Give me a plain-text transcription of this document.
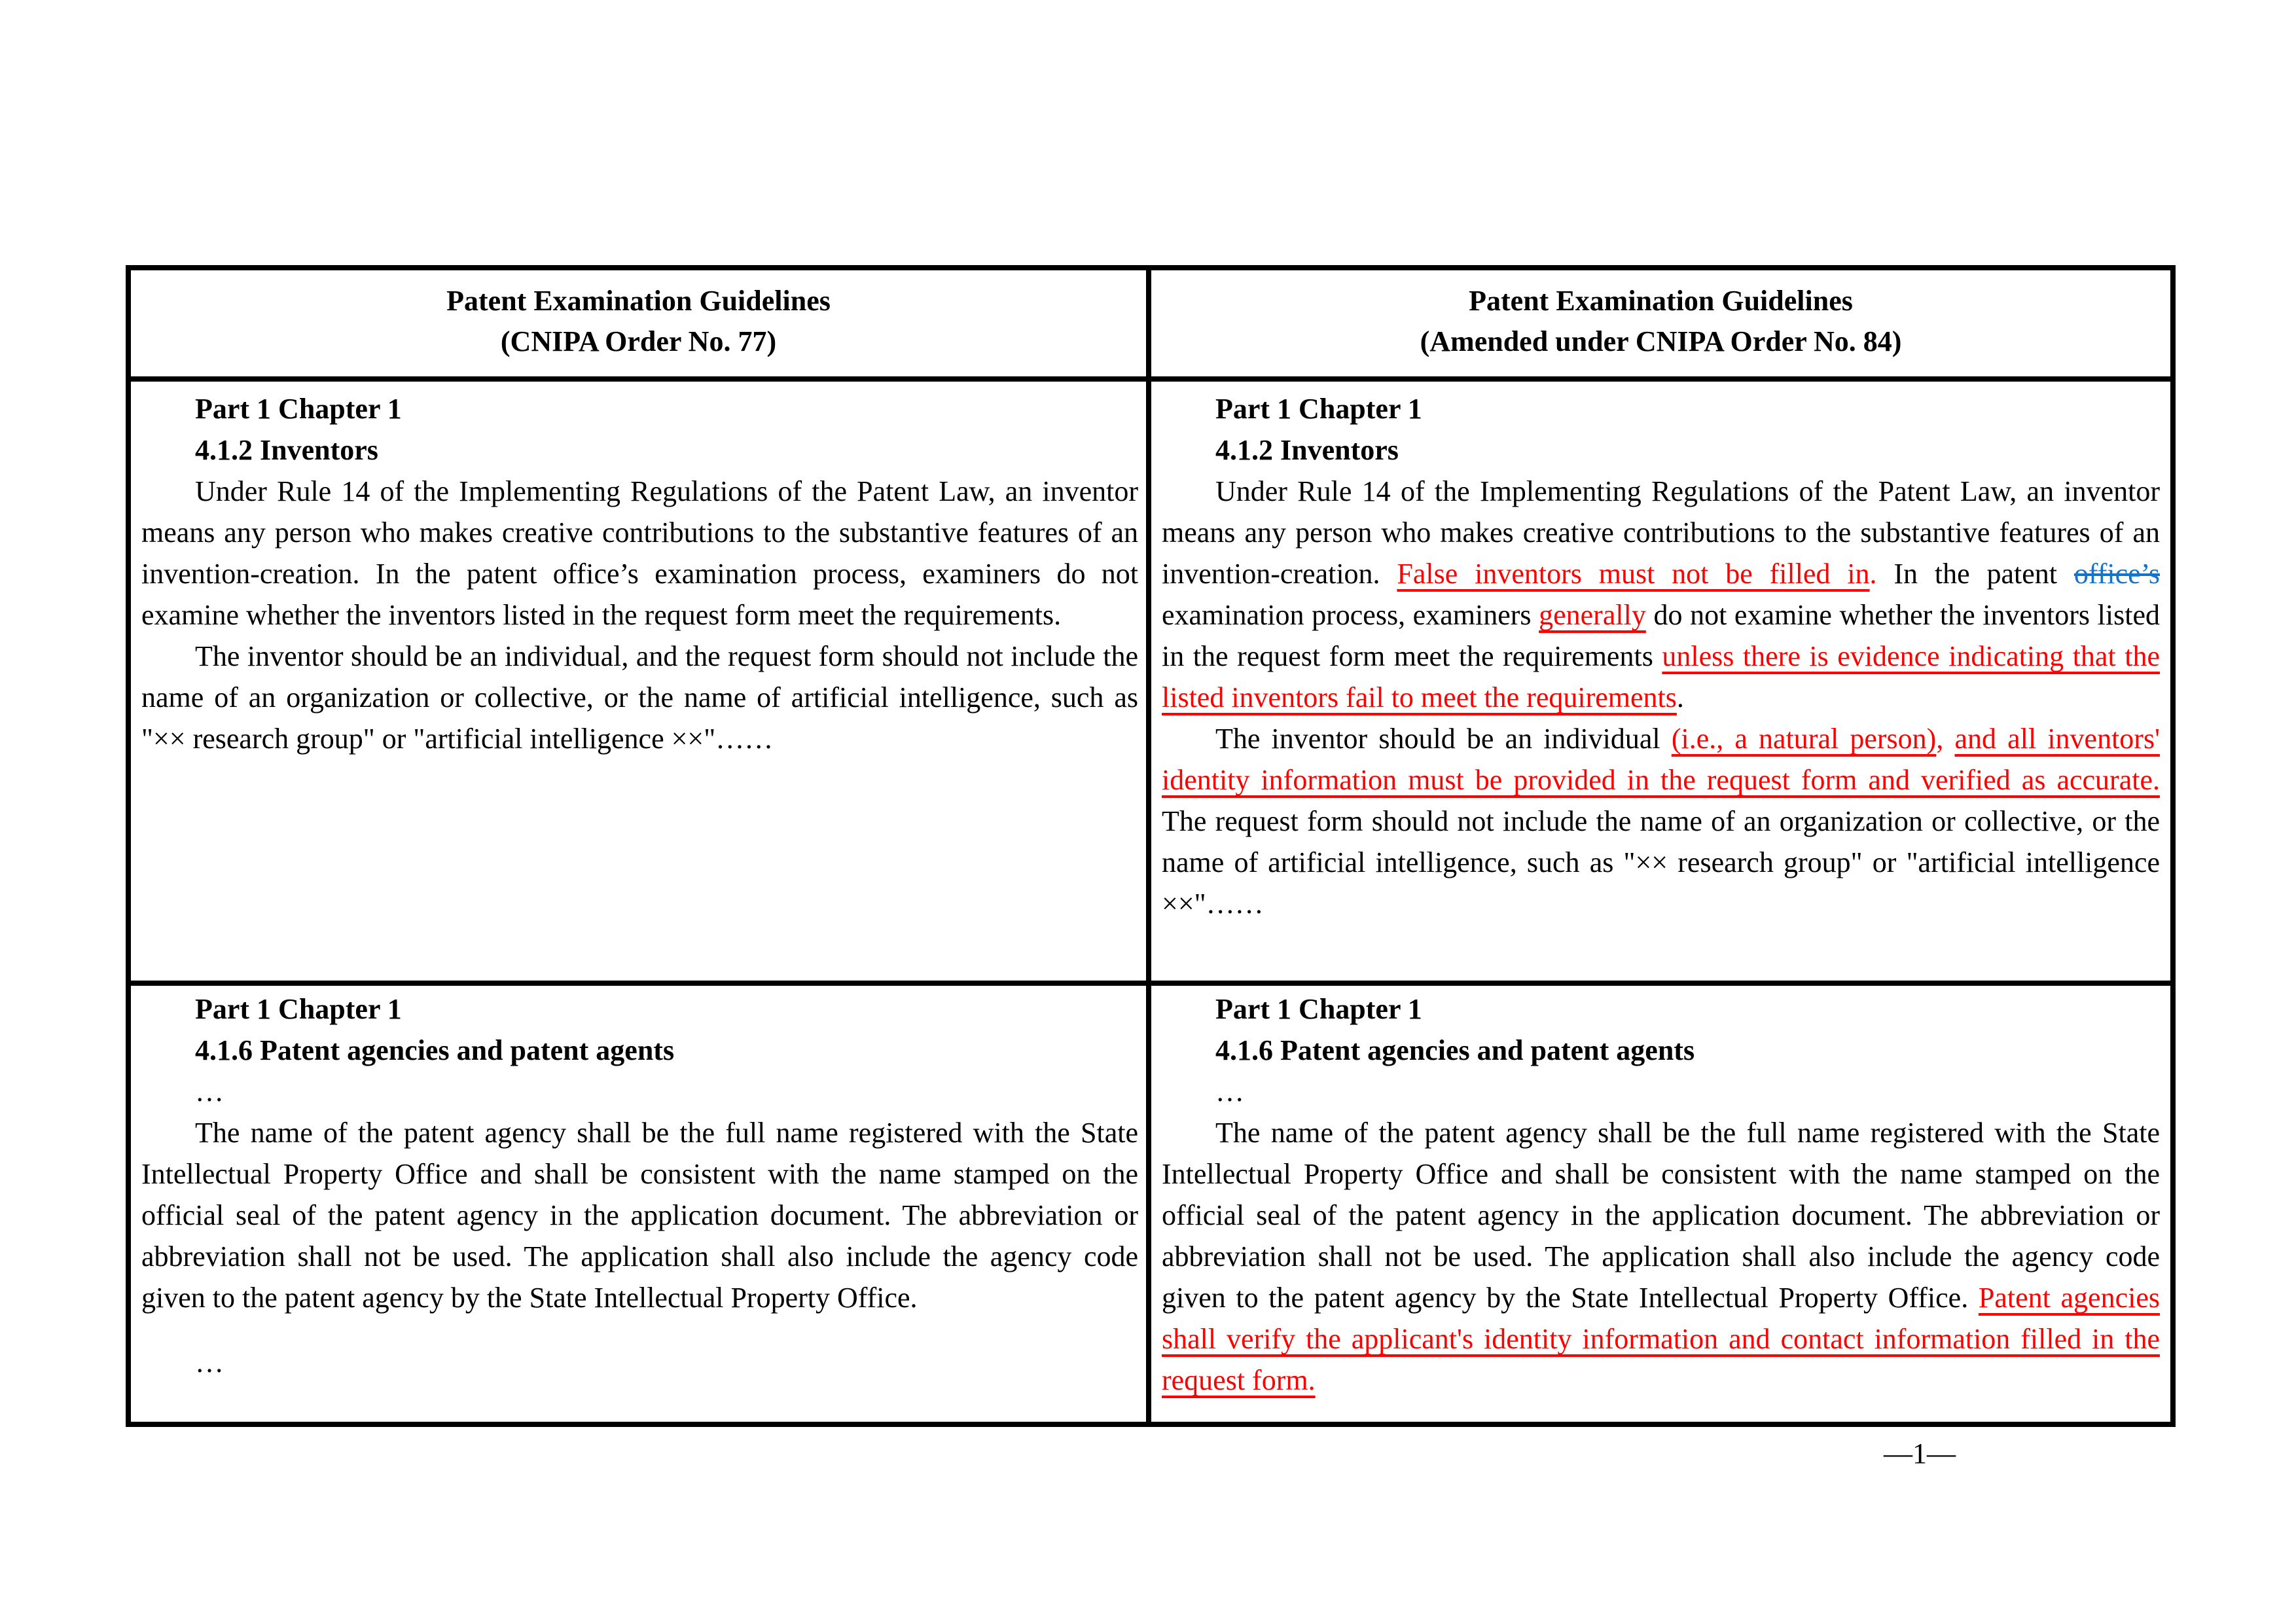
Patent Examination Guidelines
(CNIPA Order No. 77)
Patent Examination Guidelines
(Amended under CNIPA Order No. 84)

Part 1 Chapter 1

4.1.2 Inventors

Under Rule 14 of the Implementing Regulations of the Patent Law, an inventor means any person who makes creative contributions to the substantive features of an invention-creation. In the patent office’s examination process, examiners do not examine whether the inventors listed in the request form meet the requirements.

The inventor should be an individual, and the request form should not include the name of an organization or collective, or the name of artificial intelligence, such as "×× research group" or "artificial intelligence ××"……

Part 1 Chapter 1

4.1.2 Inventors

Under Rule 14 of the Implementing Regulations of the Patent Law, an inventor means any person who makes creative contributions to the substantive features of an invention-creation. False inventors must not be filled in. In the patent office’s examination process, examiners generally do not examine whether the inventors listed in the request form meet the requirements unless there is evidence indicating that the listed inventors fail to meet the requirements.

The inventor should be an individual (i.e., a natural person), and all inventors' identity information must be provided in the request form and verified as accurate. The request form should not include the name of an organization or collective, or the name of artificial intelligence, such as "×× research group" or "artificial intelligence ××"……

Part 1 Chapter 1

4.1.6 Patent agencies and patent agents

…

The name of the patent agency shall be the full name registered with the State Intellectual Property Office and shall be consistent with the name stamped on the official seal of the patent agency in the application document. The abbreviation or abbreviation shall not be used. The application shall also include the agency code given to the patent agency by the State Intellectual Property Office.

…

Part 1 Chapter 1

4.1.6 Patent agencies and patent agents

…

The name of the patent agency shall be the full name registered with the State Intellectual Property Office and shall be consistent with the name stamped on the official seal of the patent agency in the application document. The abbreviation or abbreviation shall not be used. The application shall also include the agency code given to the patent agency by the State Intellectual Property Office. Patent agencies shall verify the applicant's identity information and contact information filled in the request form.

—1—
